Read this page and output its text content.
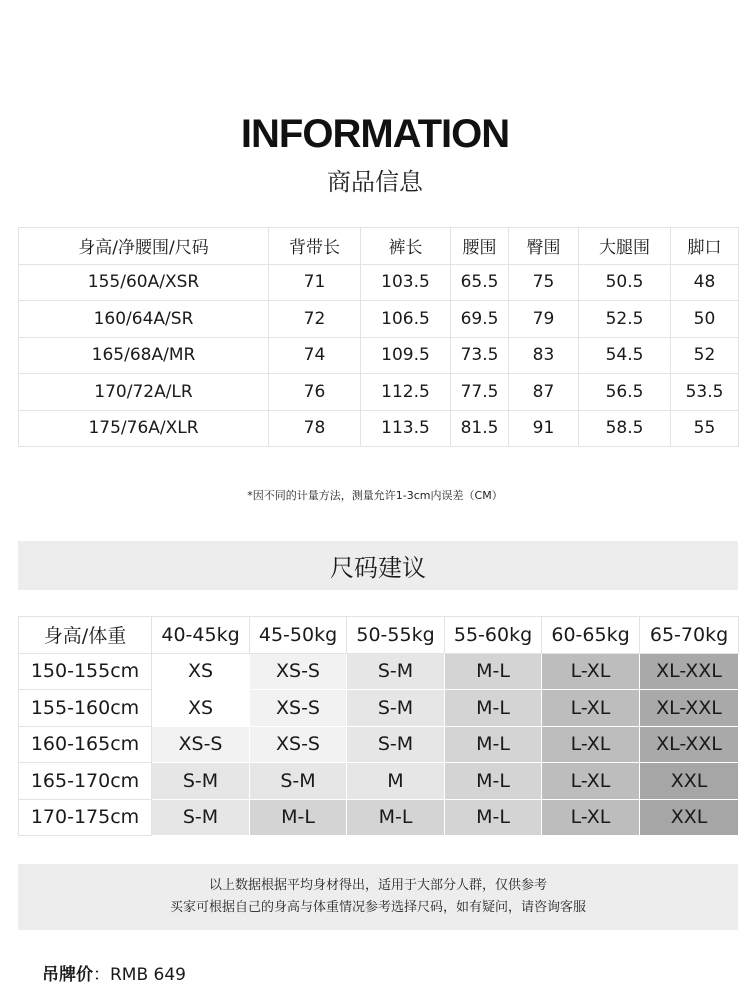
INFORMATION
商品信息
身高/净腰围/尺码	背带长	裤长	腰围	臀围	大腿围	脚口
155/60A/XSR	71	103.5	65.5	75	50.5	48
160/64A/SR	72	106.5	69.5	79	52.5	50
165/68A/MR	74	109.5	73.5	83	54.5	52
170/72A/LR	76	112.5	77.5	87	56.5	53.5
175/76A/XLR	78	113.5	81.5	91	58.5	55
*因不同的计量方法，测量允许1-3cm内误差（CM）
尺码建议
身高/体重	40-45kg	45-50kg	50-55kg	55-60kg	60-65kg	65-70kg
150-155cm	XS	XS-S	S-M	M-L	L-XL	XL-XXL
155-160cm	XS	XS-S	S-M	M-L	L-XL	XL-XXL
160-165cm	XS-S	XS-S	S-M	M-L	L-XL	XL-XXL
165-170cm	S-M	S-M	M	M-L	L-XL	XXL
170-175cm	S-M	M-L	M-L	M-L	L-XL	XXL
以上数据根据平均身材得出，适用于大部分人群，仅供参考
买家可根据自己的身高与体重情况参考选择尺码，如有疑问，请咨询客服
吊牌价：RMB 649
